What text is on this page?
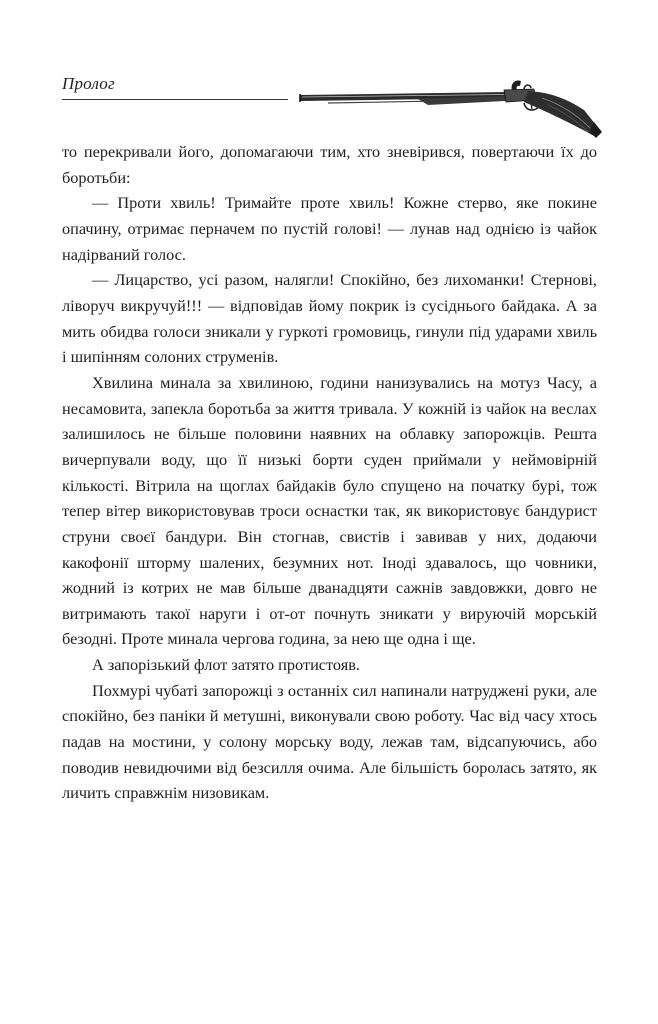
Пролог

то перекривали його, допомагаючи тим, хто зневірився, повертаючи їх до боротьби:

— Проти хвиль! Тримайте проте хвиль! Кожне стерво, яке покине опачину, отримає перначем по пустій голові! — лунав над однією із чайок надірваний голос.

— Лицарство, усі разом, налягли! Спокійно, без лихоманки! Стернові, ліворуч викручуй!!! — відповідав йому покрик із сусіднього байдака. А за мить обидва голоси зникали у гуркоті громовиць, гинули під ударами хвиль і шипінням солоних струменів.

Хвилина минала за хвилиною, години нанизувались на мотуз Часу, а несамовита, запекла боротьба за життя тривала. У кожній із чайок на веслах залишилось не більше половини наявних на облавку запорожців. Решта вичерпували воду, що її низькі борти суден приймали у неймовірній кількості. Вітрила на щоглах байдаків було спущено на початку бурі, тож тепер вітер використовував троси оснастки так, як використовує бандурист струни своєї бандури. Він стогнав, свистів і завивав у них, додаючи какофонії шторму шалених, безумних нот. Іноді здавалось, що човники, жодний із котрих не мав більше дванадцяти сажнів завдовжки, довго не витримають такої наруги і от-от почнуть зникати у вируючій морській безодні. Проте минала чергова година, за нею ще одна і ще.

А запорізький флот затято протистояв.

Похмурі чубаті запорожці з останніх сил напинали натруджені руки, але спокійно, без паніки й метушні, виконували свою роботу. Час від часу хтось падав на мостини, у солону морську воду, лежав там, відсапуючись, або поводив невидючими від безсилля очима. Але більшість боролась затято, як личить справжнім низовикам.
